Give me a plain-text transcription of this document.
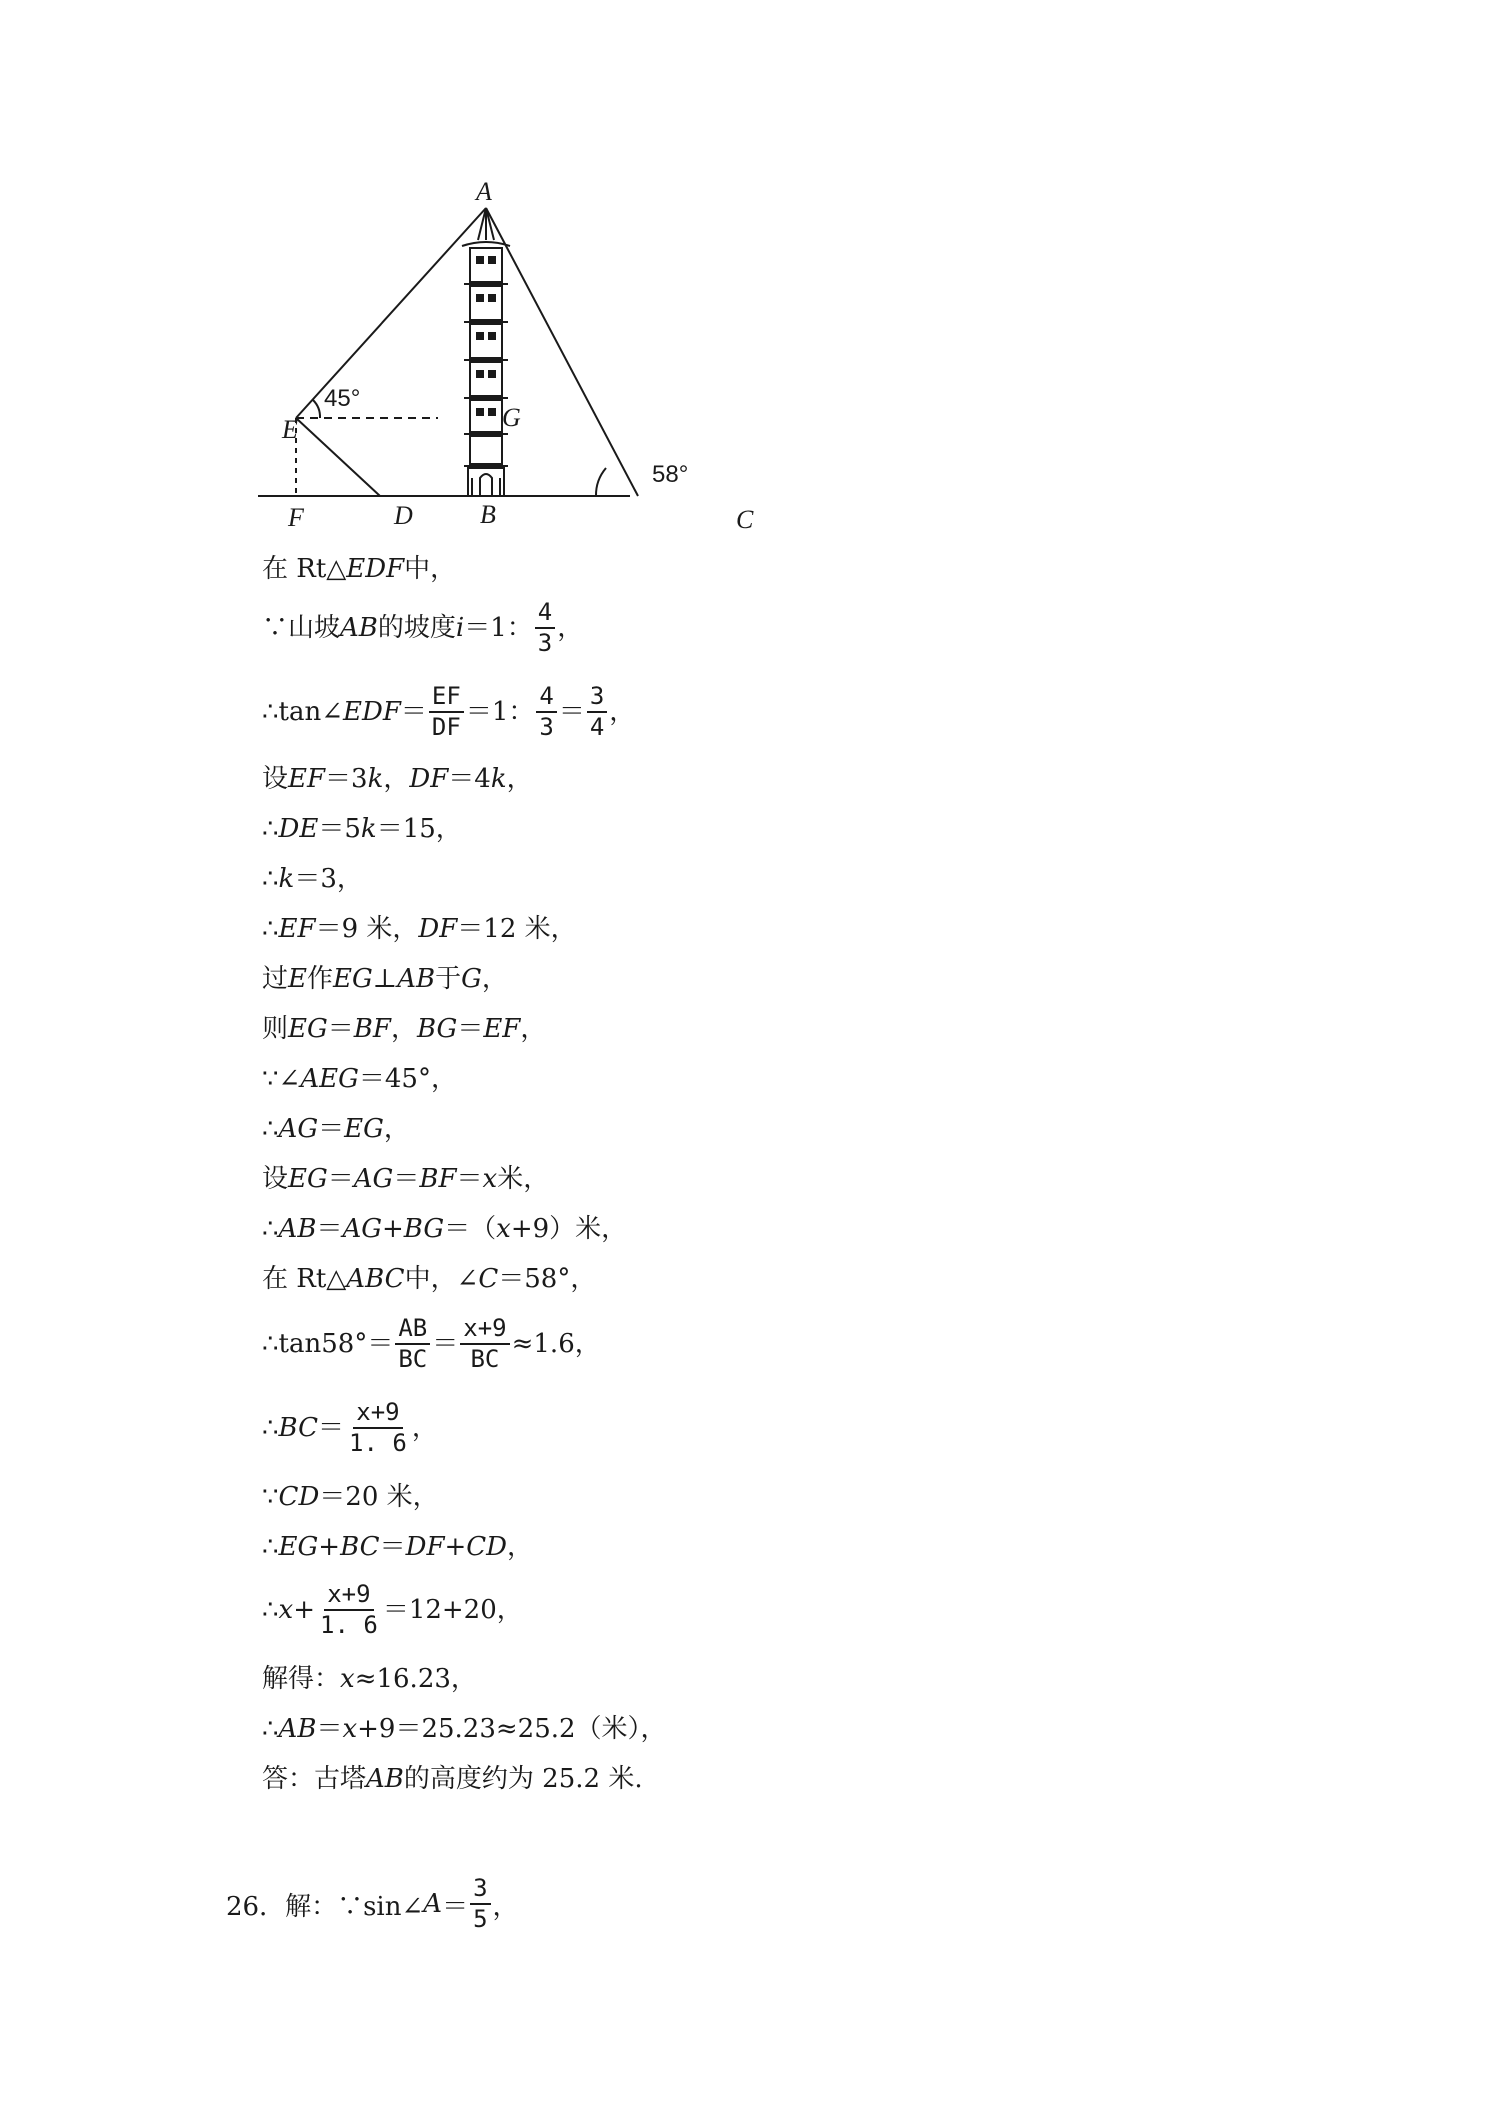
A
B	C
D
E
F
G
45°
58°
在 Rt△ EDF 中，
∵山坡 AB 的坡度 i ＝1： $\frac{4}{3}$ ，
∴tan∠ EDF ＝ $\frac{EF}{DF} =1$： $\frac{4}{3} = \frac{3}{4}$ ，
设 EF ＝3 k ， DF ＝4 k ，
∴ DE ＝5 k ＝15，
∴ k ＝3，
∴ EF ＝9 米， DF ＝12 米，
过 E 作 EG ⊥ AB 于 G ，
则 EG ＝ BF ， BG ＝ EF ，
∵∠ AEG ＝45°，
∴ AG ＝ EG ，
设 EG ＝ AG ＝ BF ＝ x 米，
∴ AB ＝ AG + BG ＝（ x +9）米，
在 Rt△ ABC 中，∠ C ＝58°，
∴tan58°＝ $\frac{AB}{BC} = \frac{x+9}{BC} \approx 1.6$，
∴ BC ＝ $\frac{x+9}{1. 6}$ ，
∵ CD ＝20 米，
∴ EG + BC ＝ DF + CD ，
∴ $x + \frac{x+9}{1. 6} =12+20$，
解得： x ≈16.23，
∴ AB ＝ x +9＝25.23≈25.2（米），
答：古塔 AB 的高度约为 25.2 米.
26．解：∵sin∠ $A = \frac{3}{5}$ ，
